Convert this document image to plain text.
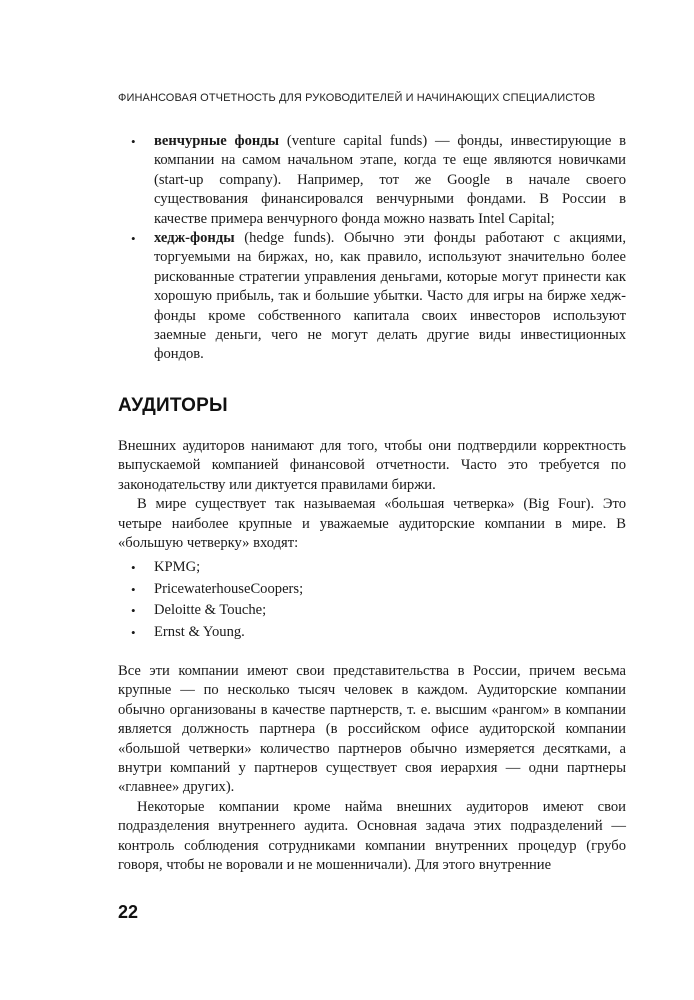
ФИНАНСОВАЯ ОТЧЕТНОСТЬ ДЛЯ РУКОВОДИТЕЛЕЙ И НАЧИНАЮЩИХ СПЕЦИАЛИСТОВ
• венчурные фонды (venture capital funds) — фонды, инвестирующие в компании на самом начальном этапе, когда те еще являются новичками (start-up company). Например, тот же Google в начале своего существования финансировался венчурными фондами. В России в качестве примера венчурного фонда можно назвать Intel Capital;
• хедж-фонды (hedge funds). Обычно эти фонды работают с акциями, торгуемыми на биржах, но, как правило, используют значительно более рискованные стратегии управления деньгами, которые могут принести как хорошую прибыль, так и большие убытки. Часто для игры на бирже хедж-фонды кроме собственного капитала своих инвесторов используют заемные деньги, чего не могут делать другие виды инвестиционных фондов.
АУДИТОРЫ

Внешних аудиторов нанимают для того, чтобы они подтвердили корректность выпускаемой компанией финансовой отчетности. Часто это требуется по законодательству или диктуется правилами биржи.

В мире существует так называемая «большая четверка» (Big Four). Это четыре наиболее крупные и уважаемые аудиторские компании в мире. В «большую четверку» входят:

• KPMG;
• PricewaterhouseCoopers;
• Deloitte & Touche;
• Ernst & Young.

Все эти компании имеют свои представительства в России, причем весьма крупные — по несколько тысяч человек в каждом. Аудиторские компании обычно организованы в качестве партнерств, т. е. высшим «рангом» в компании является должность партнера (в российском офисе аудиторской компании «большой четверки» количество партнеров обычно измеряется десятками, а внутри компаний у партнеров существует своя иерархия — одни партнеры «главнее» других).

Некоторые компании кроме найма внешних аудиторов имеют свои подразделения внутреннего аудита. Основная задача этих подразделений — контроль соблюдения сотрудниками компании внутренних процедур (грубо говоря, чтобы не воровали и не мошенничали). Для этого внутренние

22
